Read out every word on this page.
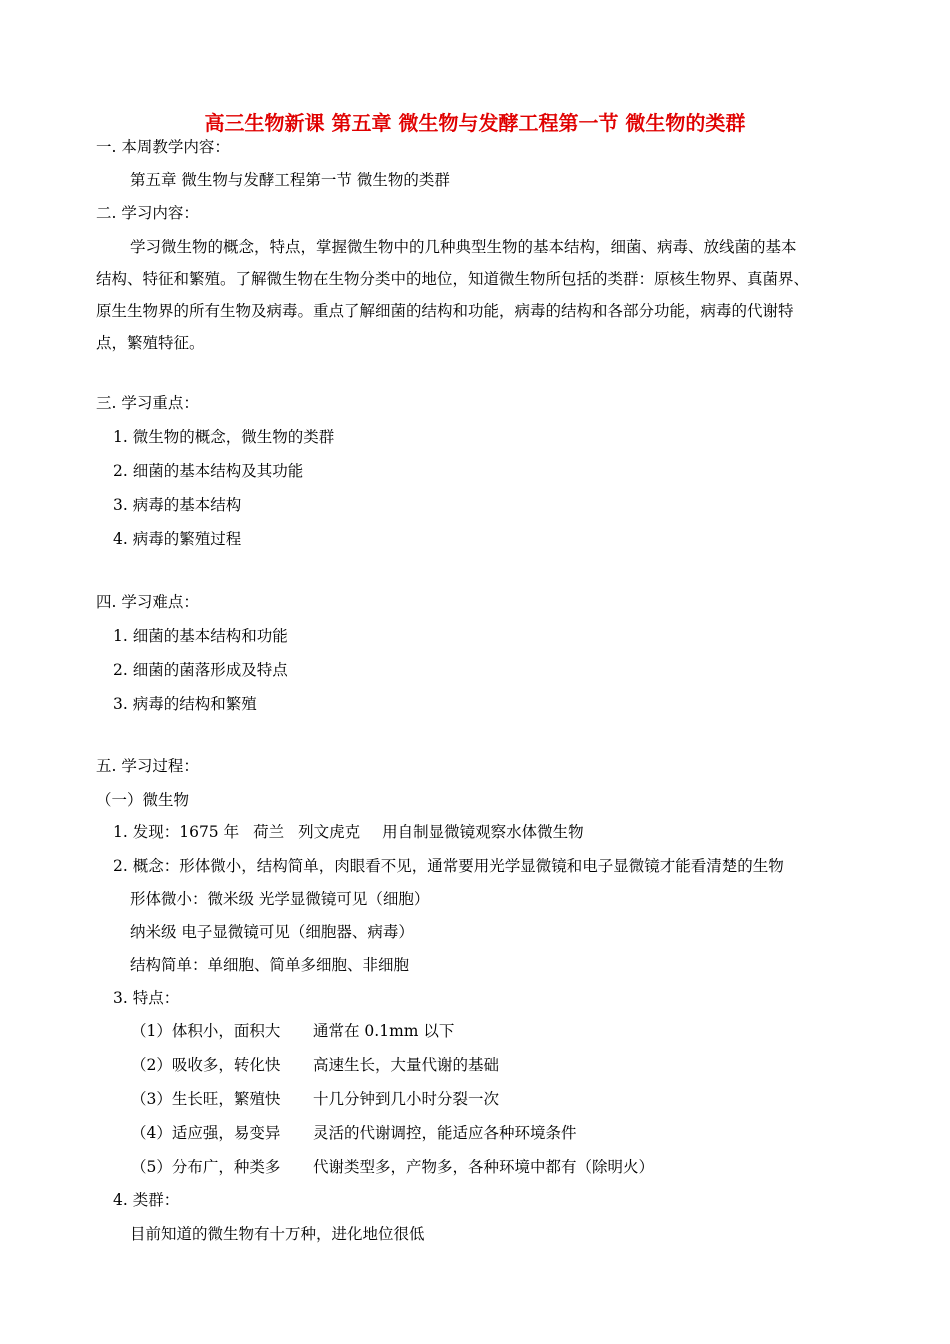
高三生物新课 第五章 微生物与发酵工程第一节 微生物的类群
一. 本周教学内容：
第五章 微生物与发酵工程第一节 微生物的类群
二. 学习内容：
学习微生物的概念，特点，掌握微生物中的几种典型生物的基本结构，细菌、病毒、放线菌的基本
结构、特征和繁殖。了解微生物在生物分类中的地位，知道微生物所包括的类群：原核生物界、真菌界、
原生生物界的所有生物及病毒。重点了解细菌的结构和功能，病毒的结构和各部分功能，病毒的代谢特
点，繁殖特征。
三. 学习重点：
1. 微生物的概念，微生物的类群
2. 细菌的基本结构及其功能
3. 病毒的基本结构
4. 病毒的繁殖过程
四. 学习难点：
1. 细菌的基本结构和功能
2. 细菌的菌落形成及特点
3. 病毒的结构和繁殖
五. 学习过程：
（一）微生物
1. 发现：1675 年 荷兰 列文虎克 用自制显微镜观察水体微生物
2. 概念：形体微小，结构简单，肉眼看不见，通常要用光学显微镜和电子显微镜才能看清楚的生物
形体微小：微米级 光学显微镜可见（细胞）
纳米级 电子显微镜可见（细胞器、病毒）
结构简单：单细胞、简单多细胞、非细胞
3. 特点：
（1）体积小，面积大 通常在 0.1mm 以下
（2）吸收多，转化快 高速生长，大量代谢的基础
（3）生长旺，繁殖快 十几分钟到几小时分裂一次
（4）适应强，易变异 灵活的代谢调控，能适应各种环境条件
（5）分布广，种类多 代谢类型多，产物多，各种环境中都有（除明火）
4. 类群：
目前知道的微生物有十万种，进化地位很低
